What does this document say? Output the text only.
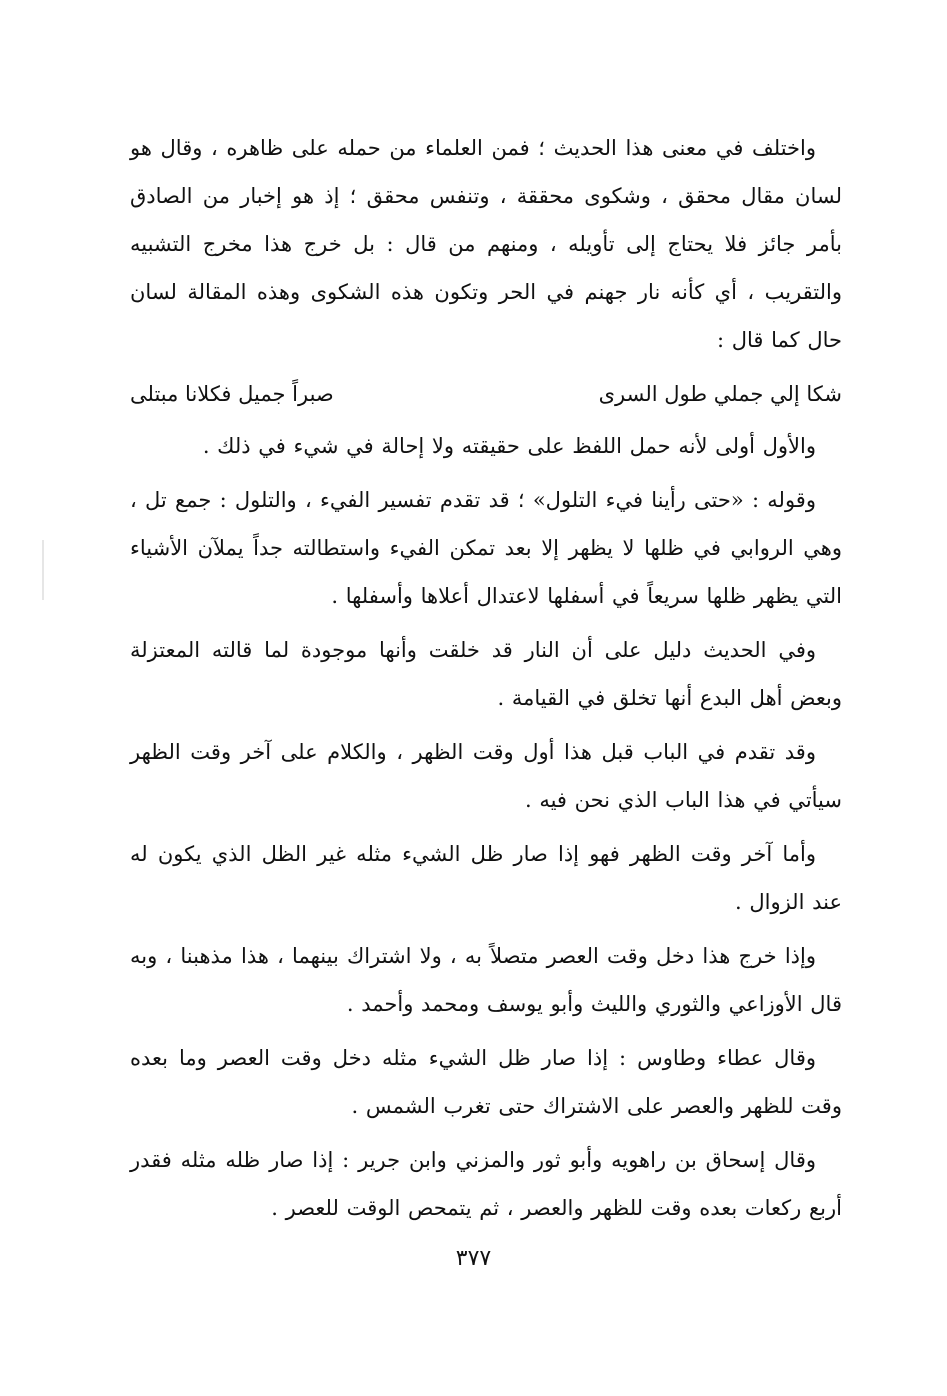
واختلف في معنى هذا الحديث ؛ فمن العلماء من حمله على ظاهره ، وقال هو لسان مقال محقق ، وشكوى محققة ، وتنفس محقق ؛ إذ هو إخبار من الصادق بأمر جائز فلا يحتاج إلى تأويله ، ومنهم من قال : بل خرج هذا مخرج التشبيه والتقريب ، أي كأنه نار جهنم في الحر وتكون هذه الشكوى وهذه المقالة لسان حال كما قال :

شكا إلي جملي طول السرى
صبراً جميل فكلانا مبتلى

والأول أولى لأنه حمل اللفظ على حقيقته ولا إحالة في شيء في ذلك .

وقوله : «حتى رأينا فيء التلول» ؛ قد تقدم تفسير الفيء ، والتلول : جمع تل ، وهي الروابي في ظلها لا يظهر إلا بعد تمكن الفيء واستطالته جداً يملآن الأشياء التي يظهر ظلها سريعاً في أسفلها لاعتدال أعلاها وأسفلها .

وفي الحديث دليل على أن النار قد خلقت وأنها موجودة لما قالته المعتزلة وبعض أهل البدع أنها تخلق في القيامة .

وقد تقدم في الباب قبل هذا أول وقت الظهر ، والكلام على آخر وقت الظهر سيأتي في هذا الباب الذي نحن فيه .

وأما آخر وقت الظهر فهو إذا صار ظل الشيء مثله غير الظل الذي يكون له عند الزوال .

وإذا خرج هذا دخل وقت العصر متصلاً به ، ولا اشتراك بينهما ، هذا مذهبنا ، وبه قال الأوزاعي والثوري والليث وأبو يوسف ومحمد وأحمد .

وقال عطاء وطاوس : إذا صار ظل الشيء مثله دخل وقت العصر وما بعده وقت للظهر والعصر على الاشتراك حتى تغرب الشمس .

وقال إسحاق بن راهويه وأبو ثور والمزني وابن جرير : إذا صار ظله مثله فقدر أربع ركعات بعده وقت للظهر والعصر ، ثم يتمحص الوقت للعصر .

٣٧٧
